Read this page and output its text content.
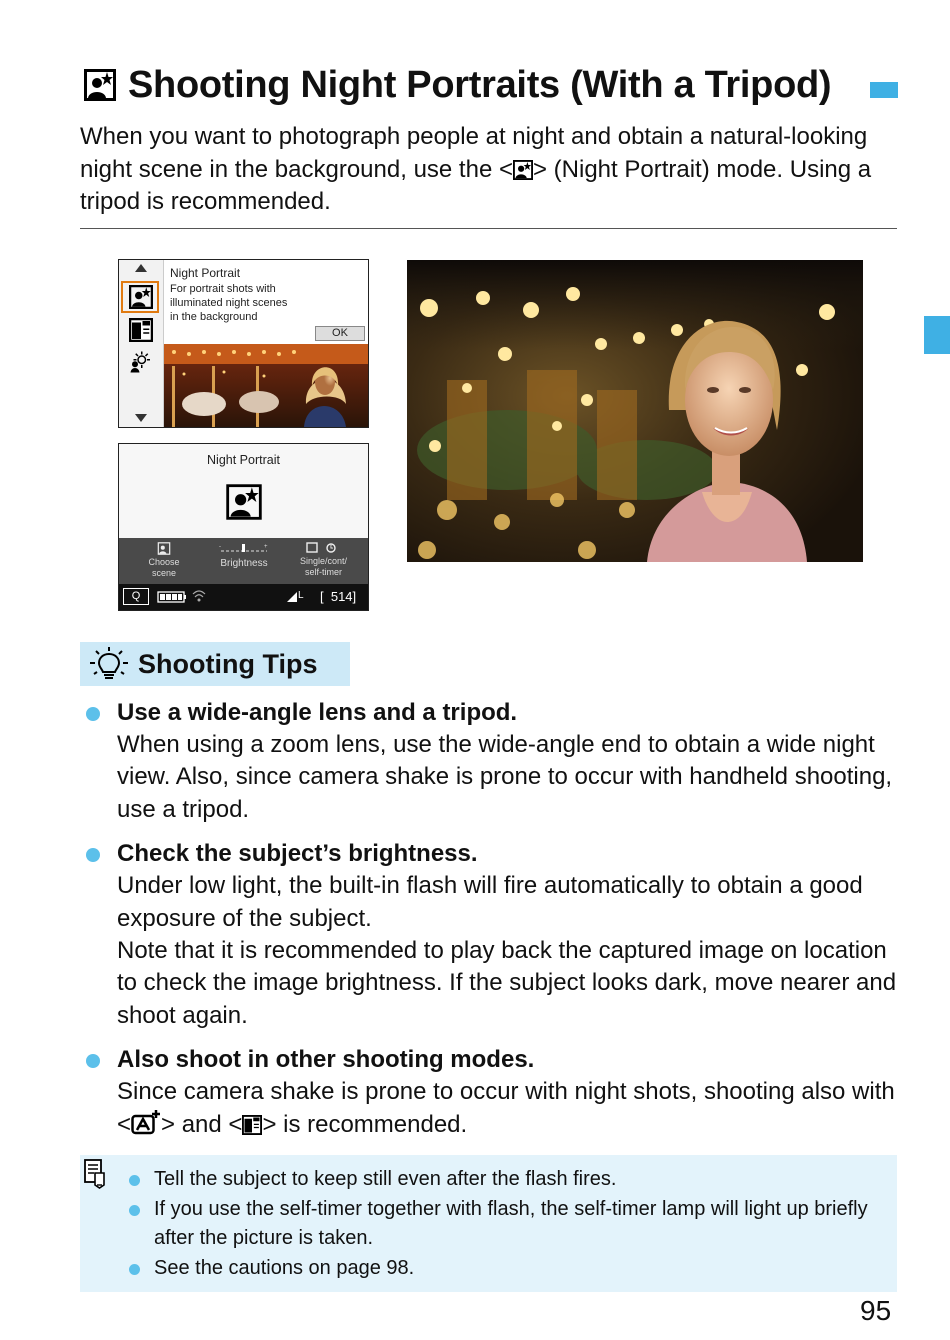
Shooting Night Portraits (With a Tripod)
When you want to photograph people at night and obtain a natural-looking night scene in the background, use the < > (Night Portrait) mode. Using a tripod is recommended.
Night Portrait
For portrait shots with
illuminated night scenes
in the background
OK
Night Portrait
Choose
scene
-	+
Brightness	Single/cont/
self-timer
Q	L [  514]
Shooting Tips
Use a wide-angle lens and a tripod.
When using a zoom lens, use the wide-angle end to obtain a wide night view. Also, since camera shake is prone to occur with handheld shooting, use a tripod.
Check the subject’s brightness.
Under low light, the built-in flash will fire automatically to obtain a good exposure of the subject.
Note that it is recommended to play back the captured image on location to check the image brightness. If the subject looks dark, move nearer and shoot again.
Also shoot in other shooting modes.
Since camera shake is prone to occur with night shots, shooting also with < > and < > is recommended.
Tell the subject to keep still even after the flash fires.
If you use the self-timer together with flash, the self-timer lamp will light up briefly after the picture is taken.
See the cautions on page 98.
95
